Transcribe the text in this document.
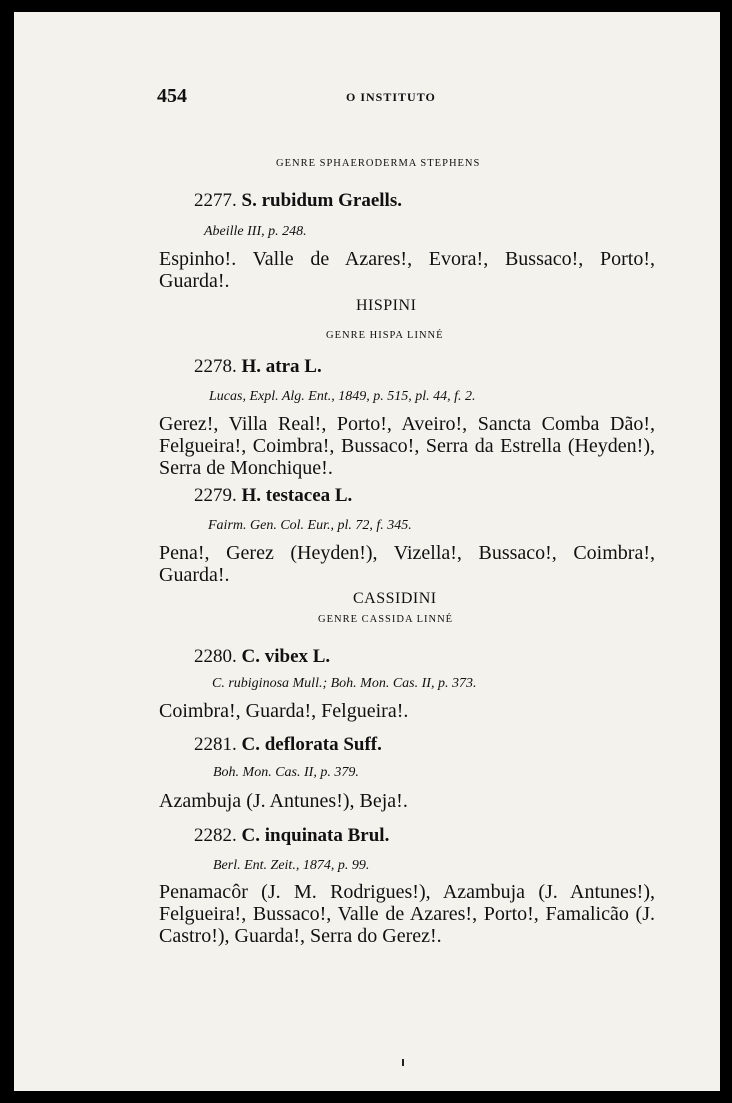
454	O INSTITUTO
GENRE SPHAERODERMA STEPHENS
2277. S. rubidum Graells.
Abeille III, p. 248.
Espinho!. Valle de Azares!, Evora!, Bussaco!, Porto!, Guarda!.
HISPINI
GENRE HISPA LINNÉ
2278. H. atra L.
Lucas, Expl. Alg. Ent., 1849, p. 515, pl. 44, f. 2.
Gerez!, Villa Real!, Porto!, Aveiro!, Sancta Comba Dão!, Felgueira!, Coimbra!, Bussaco!, Serra da Estrella (Heyden!), Serra de Monchique!.
2279. H. testacea L.
Fairm. Gen. Col. Eur., pl. 72, f. 345.
Pena!, Gerez (Heyden!), Vizella!, Bussaco!, Coimbra!, Guarda!.
CASSIDINI
GENRE CASSIDA LINNÉ
2280. C. vibex L.
C. rubiginosa Mull.; Boh. Mon. Cas. II, p. 373.
Coimbra!, Guarda!, Felgueira!.
2281. C. deflorata Suff.
Boh. Mon. Cas. II, p. 379.
Azambuja (J. Antunes!), Beja!.
2282. C. inquinata Brul.
Berl. Ent. Zeit., 1874, p. 99.
Penamacôr (J. M. Rodrigues!), Azambuja (J. Antunes!), Felgueira!, Bussaco!, Valle de Azares!, Porto!, Famalicão (J. Castro!), Guarda!, Serra do Gerez!.
